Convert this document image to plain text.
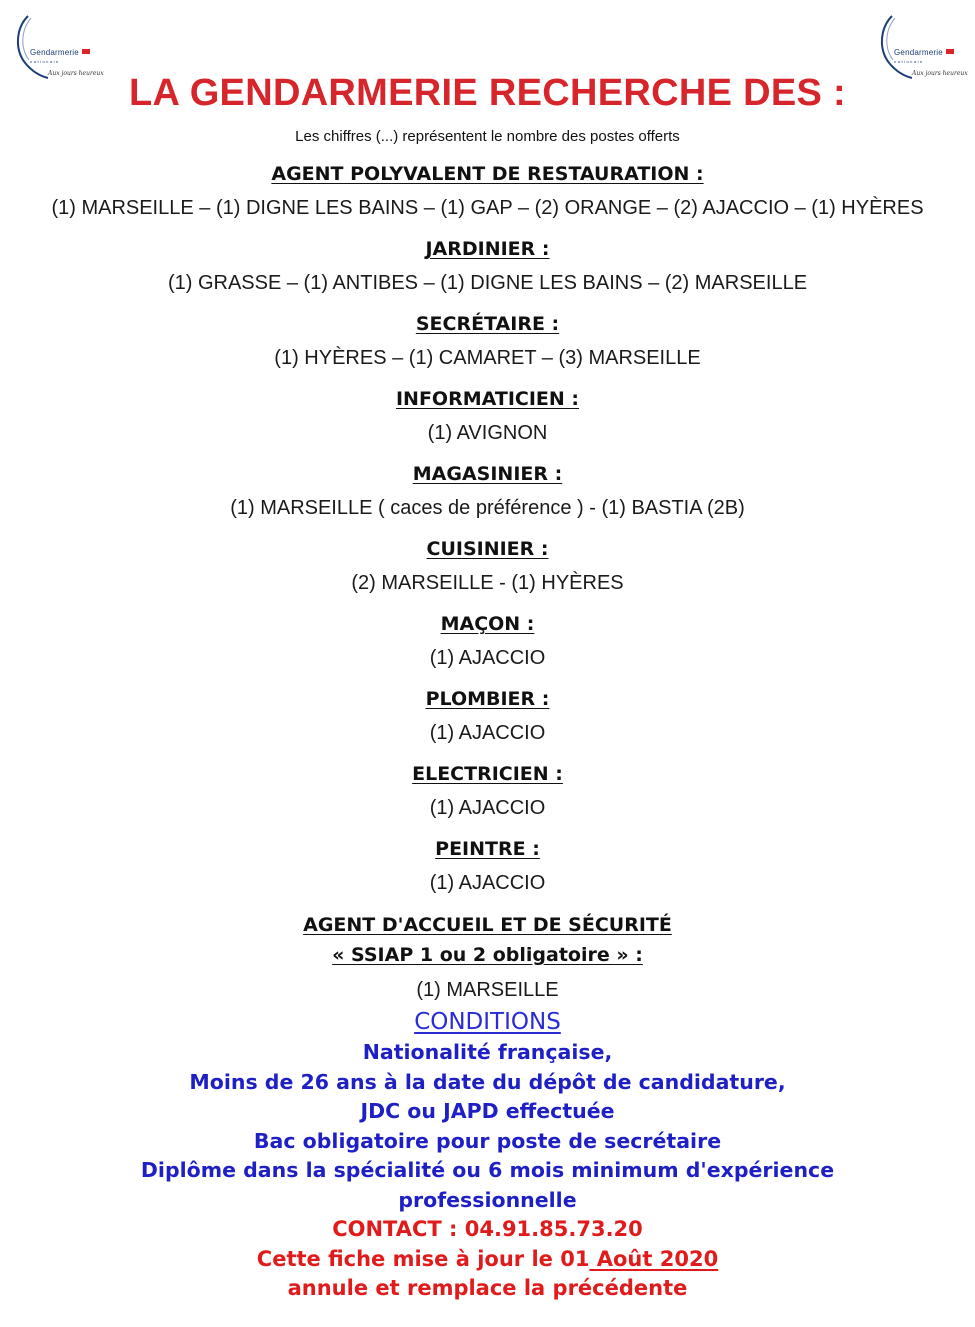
Gendarmerie
nationale
Aux jours heureux
Gendarmerie
nationale
Aux jours heureux
LA GENDARMERIE RECHERCHE DES :
Les chiffres (...) représentent le nombre des postes offerts
AGENT POLYVALENT DE RESTAURATION :
(1) MARSEILLE – (1) DIGNE LES BAINS – (1) GAP – (2) ORANGE – (2) AJACCIO – (1) HYÈRES
JARDINIER :
(1) GRASSE – (1) ANTIBES – (1) DIGNE LES BAINS – (2) MARSEILLE
SECRÉTAIRE :
(1) HYÈRES – (1) CAMARET – (3) MARSEILLE
INFORMATICIEN :
(1) AVIGNON
MAGASINIER :
(1) MARSEILLE ( caces de préférence ) - (1) BASTIA (2B)
CUISINIER :
(2) MARSEILLE - (1) HYÈRES
MAÇON :
(1) AJACCIO
PLOMBIER :
(1) AJACCIO
ELECTRICIEN :
(1) AJACCIO
PEINTRE :
(1) AJACCIO
AGENT D'ACCUEIL ET DE SÉCURITÉ
« SSIAP 1 ou 2 obligatoire » :
(1) MARSEILLE
CONDITIONS
Nationalité française,
Moins de 26 ans à la date du dépôt de candidature,
JDC ou JAPD effectuée
Bac obligatoire pour poste de secrétaire
Diplôme dans la spécialité ou 6 mois minimum d'expérience
professionnelle
CONTACT : 04.91.85.73.20
Cette fiche mise à jour le 01 Août 2020
annule et remplace la précédente
